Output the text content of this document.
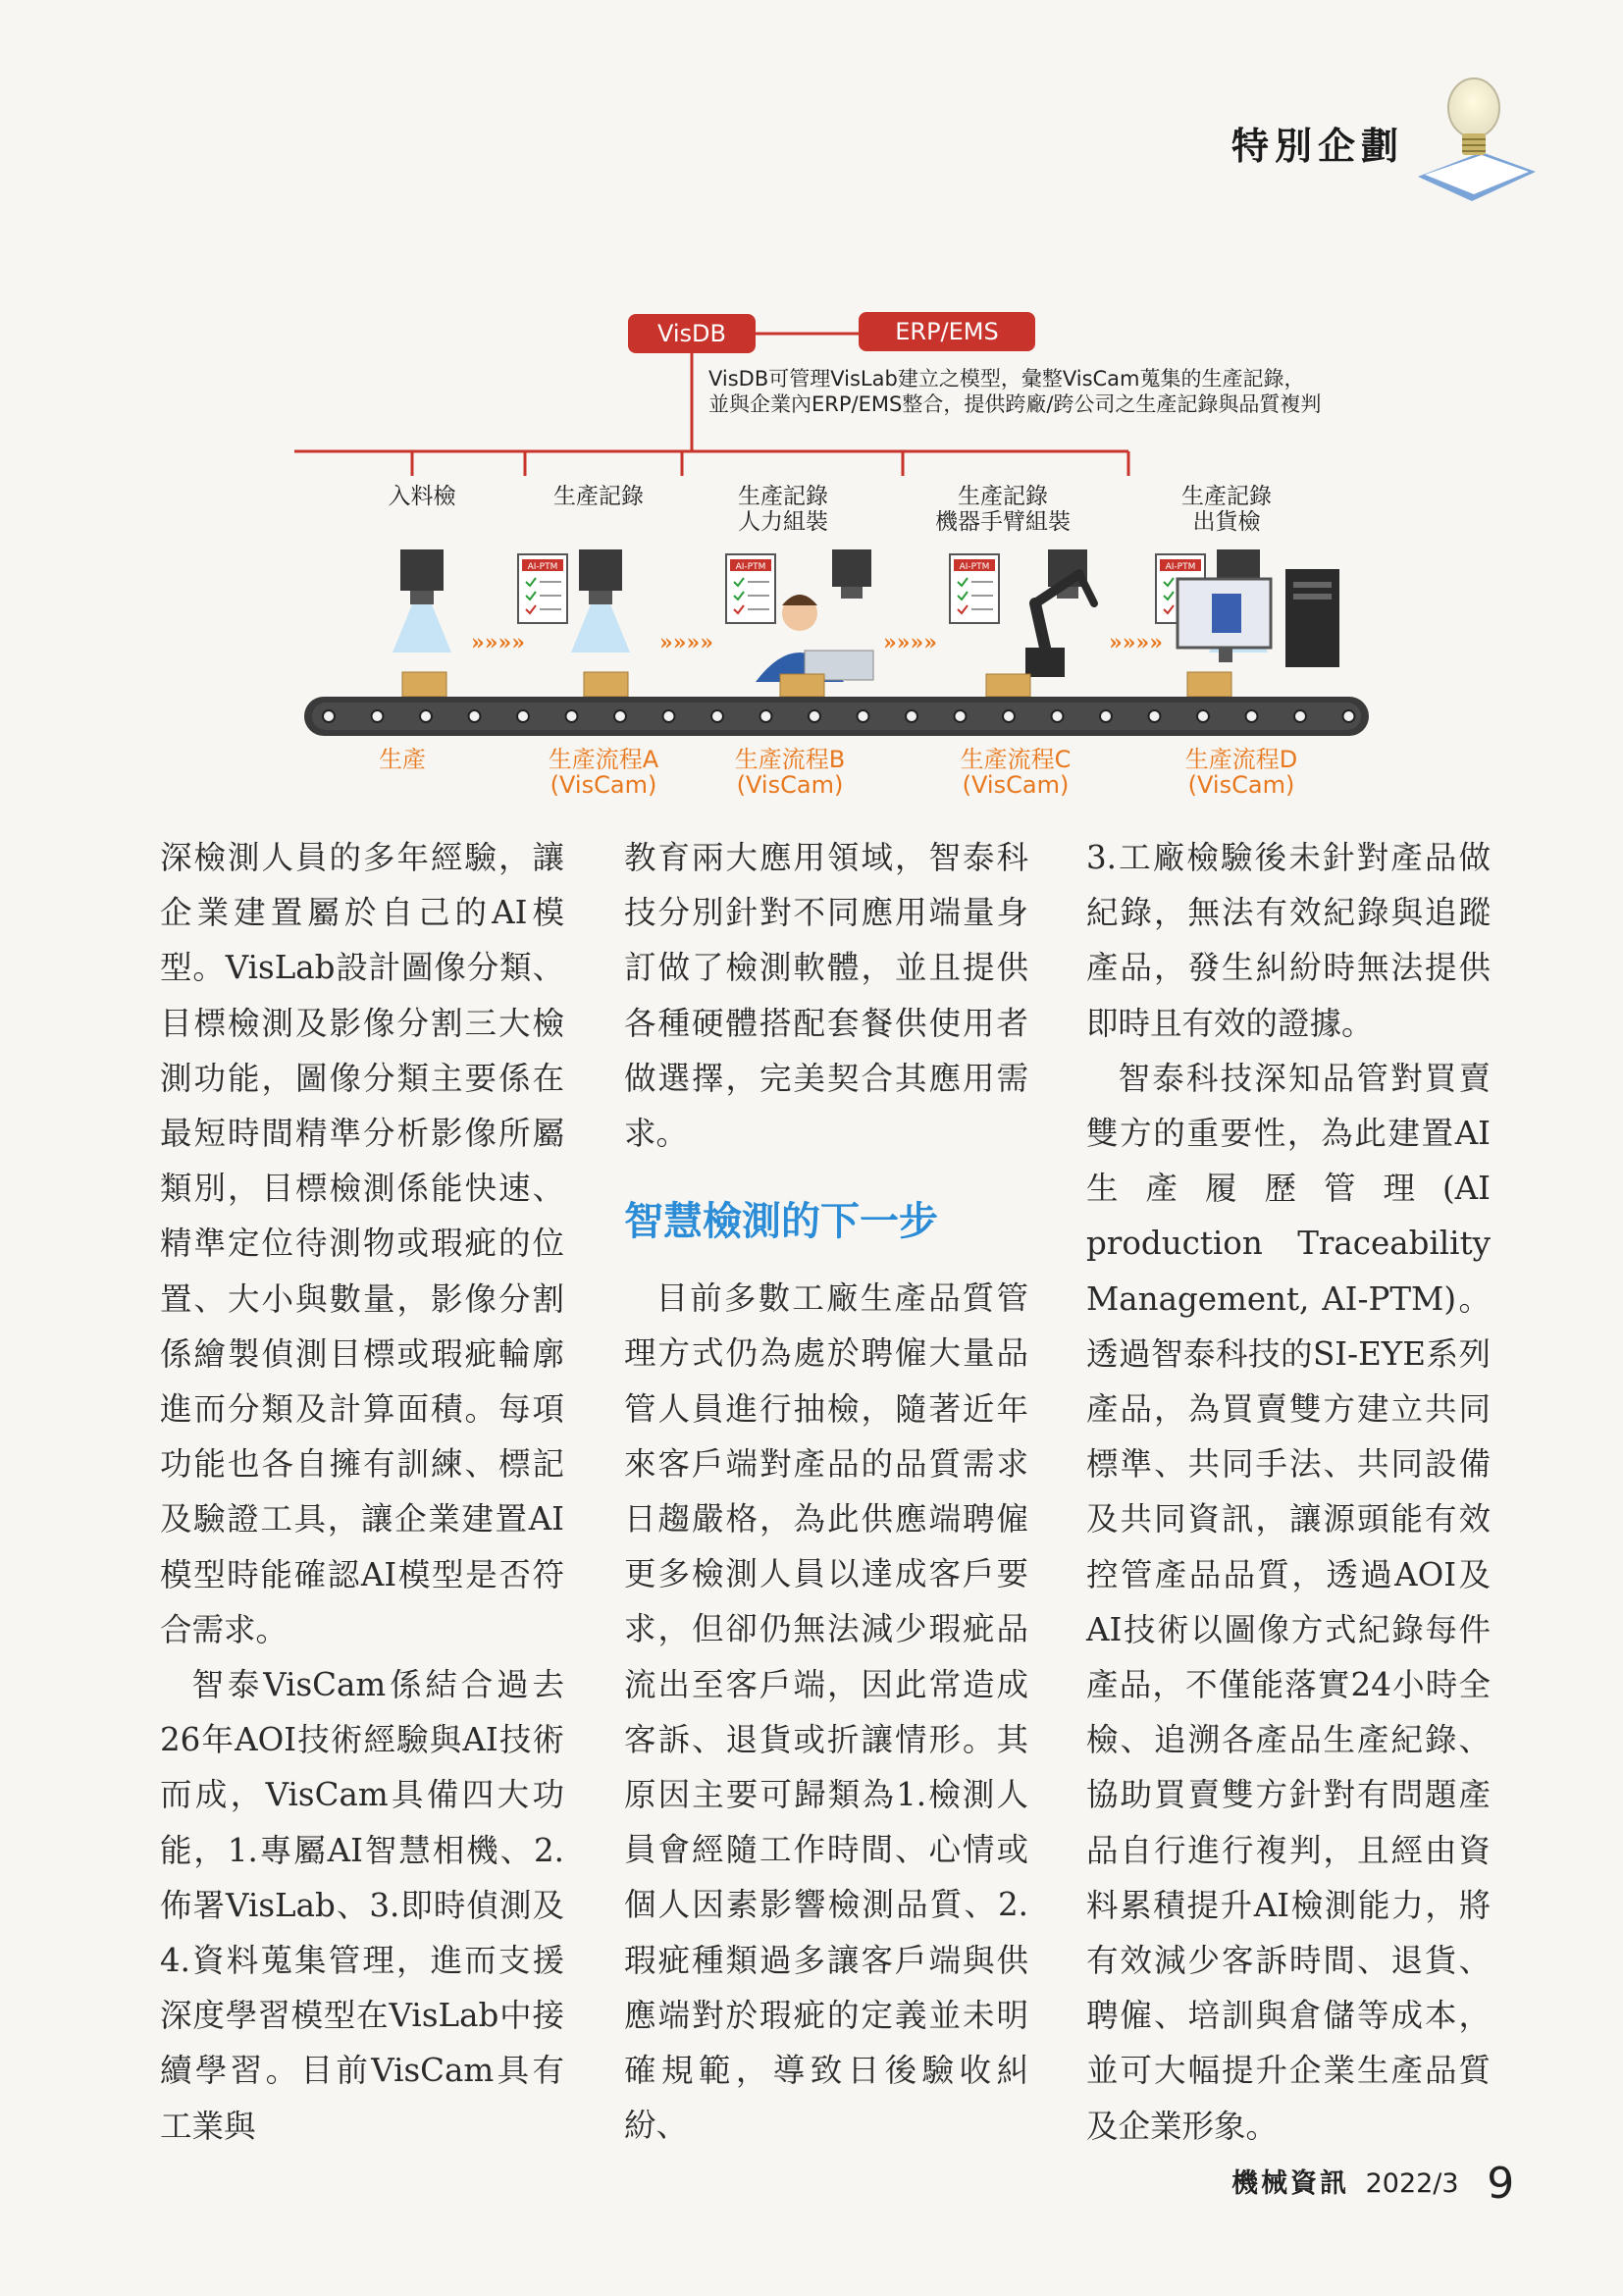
特別企劃
VisDB	ERP/EMS
VisDB可管理VisLab建立之模型，彙整VisCam蒐集的生產記錄，
並與企業內ERP/EMS整合，提供跨廠/跨公司之生產記錄與品質複判
入料檢	生產記錄	生產記錄
人力組裝
生產記錄
機器手臂組裝
生產記錄
出貨檢
AI-PTM	AI-PTM	AI-PTM	AI-PTM
»»»»	»»»»	»»»»	»»»»
生產	生產流程A
(VisCam)
生產流程B
(VisCam)
生產流程C
(VisCam)
生產流程D
(VisCam)

深檢測人員的多年經驗，讓企業建置屬於自己的AI模型。VisLab設計圖像分類、目標檢測及影像分割三大檢測功能，圖像分類主要係在最短時間精準分析影像所屬類別，目標檢測係能快速、精準定位待測物或瑕疵的位置、大小與數量，影像分割係繪製偵測目標或瑕疵輪廓進而分類及計算面積。每項功能也各自擁有訓練、標記及驗證工具，讓企業建置AI模型時能確認AI模型是否符合需求。

智泰VisCam係結合過去26年AOI技術經驗與AI技術而成，VisCam具備四大功能，1.專屬AI智慧相機、2.佈署VisLab、3.即時偵測及4.資料蒐集管理，進而支援深度學習模型在VisLab中接續學習。目前VisCam具有工業與

教育兩大應用領域，智泰科技分別針對不同應用端量身訂做了檢測軟體，並且提供各種硬體搭配套餐供使用者做選擇，完美契合其應用需求。

智慧檢測的下一步

目前多數工廠生產品質管理方式仍為處於聘僱大量品管人員進行抽檢，隨著近年來客戶端對產品的品質需求日趨嚴格，為此供應端聘僱更多檢測人員以達成客戶要求，但卻仍無法減少瑕疵品流出至客戶端，因此常造成客訴、退貨或折讓情形。其原因主要可歸類為1.檢測人員會經隨工作時間、心情或個人因素影響檢測品質、2.瑕疵種類過多讓客戶端與供應端對於瑕疵的定義並未明確規範，導致日後驗收糾紛、

3.工廠檢驗後未針對產品做紀錄，無法有效紀錄與追蹤產品，發生糾紛時無法提供即時且有效的證據。

智泰科技深知品管對買賣雙方的重要性，為此建置AI生產履歷管理(AI production Traceability Management, AI-PTM)。透過智泰科技的SI-EYE系列產品，為買賣雙方建立共同標準、共同手法、共同設備及共同資訊，讓源頭能有效控管產品品質，透過AOI及AI技術以圖像方式紀錄每件產品，不僅能落實24小時全檢、追溯各產品生產紀錄、協助買賣雙方針對有問題產品自行進行複判，且經由資料累積提升AI檢測能力，將有效減少客訴時間、退貨、聘僱、培訓與倉儲等成本，並可大幅提升企業生產品質及企業形象。

機械資訊 2022/3 9
